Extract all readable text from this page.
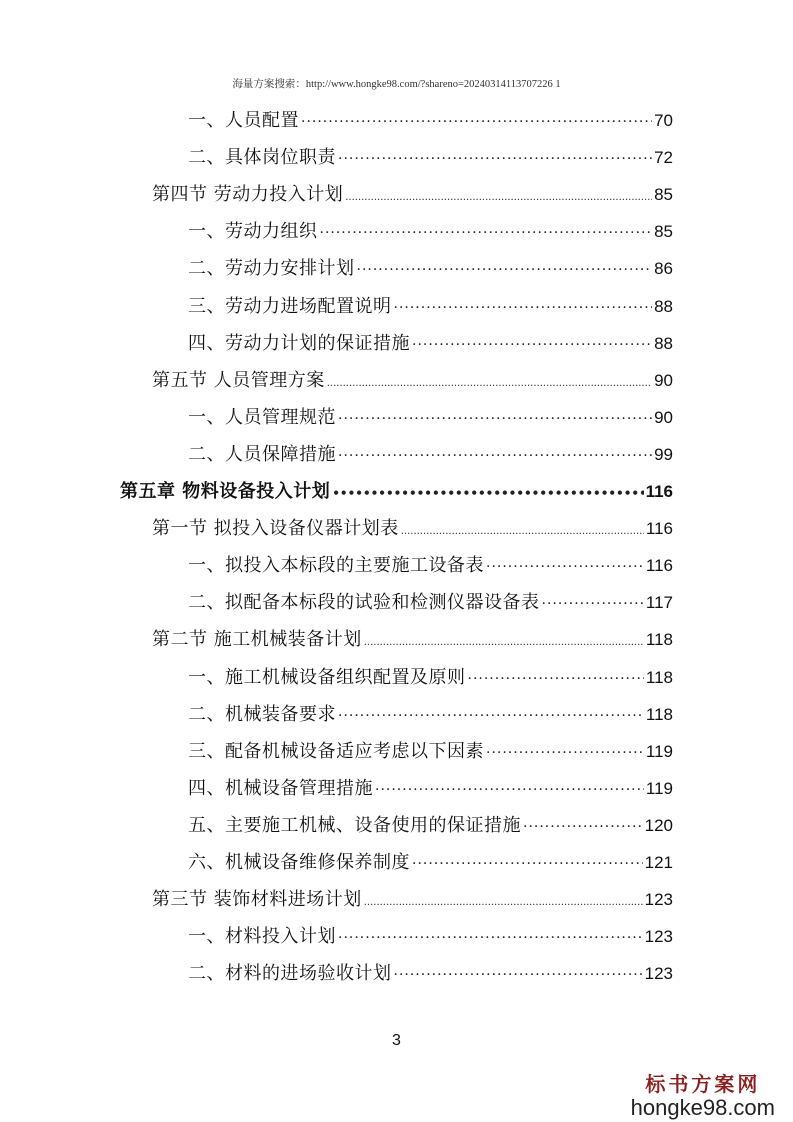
海量方案搜索：http://www.hongke98.com/?shareno=20240314113707226 1
一、人员配置 ·····	70
二、具体岗位职责 ·····	72
第四节 劳动力投入计划 .....	85
一、劳动力组织 ·····	85
二、劳动力安排计划 ·····	86
三、劳动力进场配置说明 ·····	88
四、劳动力计划的保证措施 ·····	88
第五节 人员管理方案 .....	90
一、人员管理规范 ·····	90
二、人员保障措施 ·····	99
第五章 物料设备投入计划 •••••	116
第一节 拟投入设备仪器计划表 .....	116
一、拟投入本标段的主要施工设备表 ·····	116
二、拟配备本标段的试验和检测仪器设备表 ·····	117
第二节 施工机械装备计划 .....	118
一、施工机械设备组织配置及原则 ·····	118
二、机械装备要求 ·····	118
三、配备机械设备适应考虑以下因素 ·····	119
四、机械设备管理措施 ·····	119
五、主要施工机械、设备使用的保证措施 ·····	120
六、机械设备维修保养制度 ·····	121
第三节 装饰材料进场计划 .....	123
一、材料投入计划 ·····	123
二、材料的进场验收计划 ·····	123
3
标书方案网
hongke98.com
